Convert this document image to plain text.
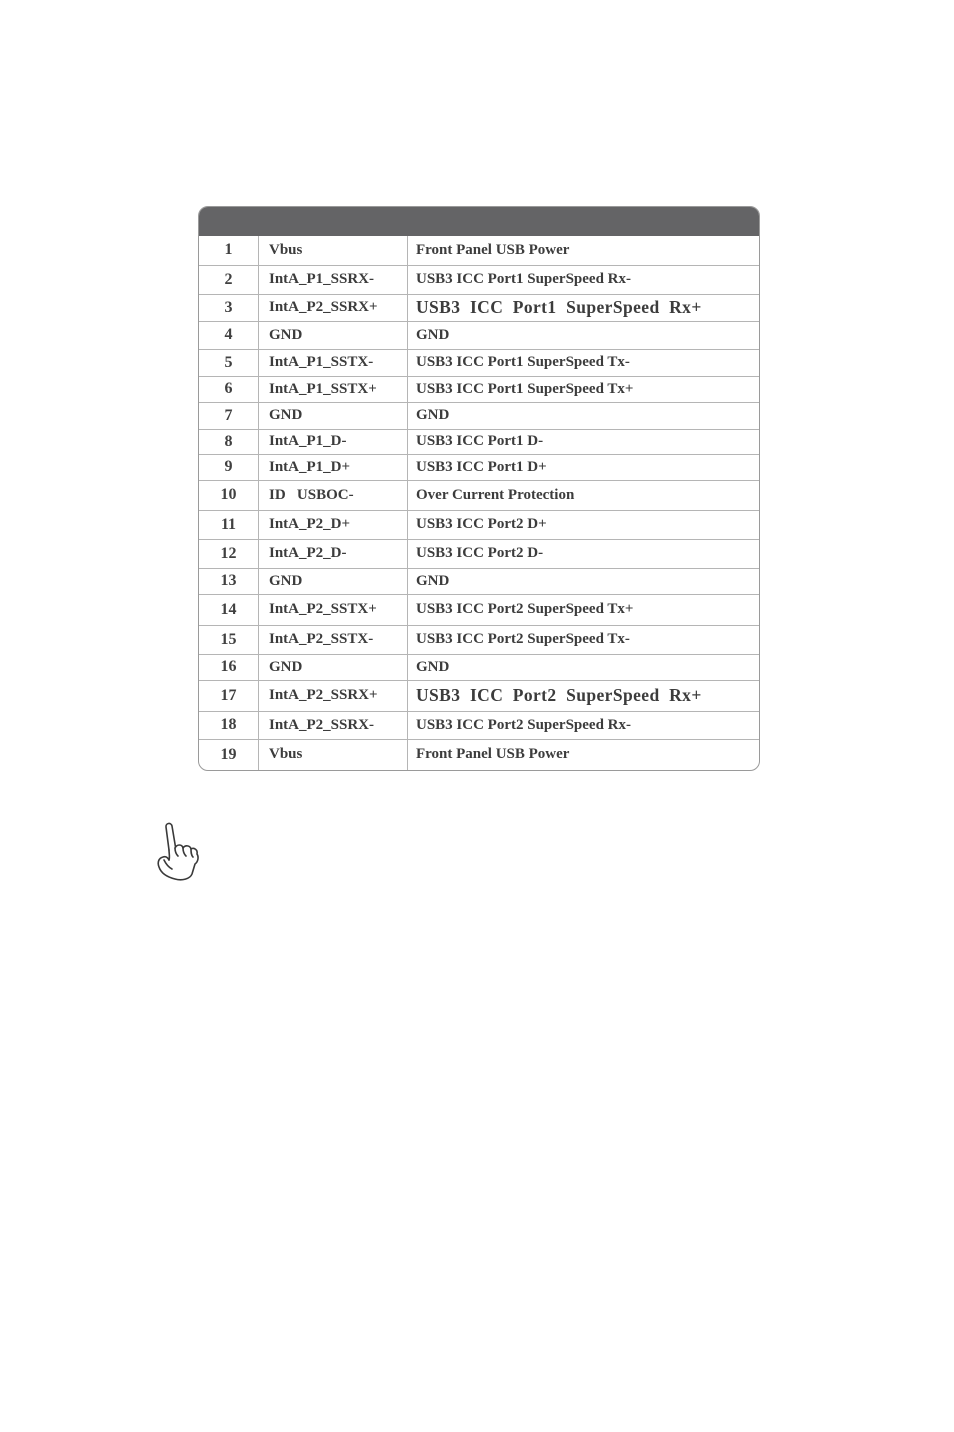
1	Vbus	Front Panel USB Power
2	IntA_P1_SSRX-	USB3 ICC Port1 SuperSpeed Rx-
3	IntA_P2_SSRX+	USB3  ICC  Port1  SuperSpeed  Rx+
4	GND	GND
5	IntA_P1_SSTX-	USB3 ICC Port1 SuperSpeed Tx-
6	IntA_P1_SSTX+	USB3 ICC Port1 SuperSpeed Tx+
7	GND	GND
8	IntA_P1_D-	USB3 ICC Port1 D-
9	IntA_P1_D+	USB3 ICC Port1 D+
10	ID   USBOC-	Over Current Protection
11	IntA_P2_D+	USB3 ICC Port2 D+
12	IntA_P2_D-	USB3 ICC Port2 D-
13	GND	GND
14	IntA_P2_SSTX+	USB3 ICC Port2 SuperSpeed Tx+
15	IntA_P2_SSTX-	USB3 ICC Port2 SuperSpeed Tx-
16	GND	GND
17	IntA_P2_SSRX+	USB3  ICC  Port2  SuperSpeed  Rx+
18	IntA_P2_SSRX-	USB3 ICC Port2 SuperSpeed Rx-
19	Vbus	Front Panel USB Power
